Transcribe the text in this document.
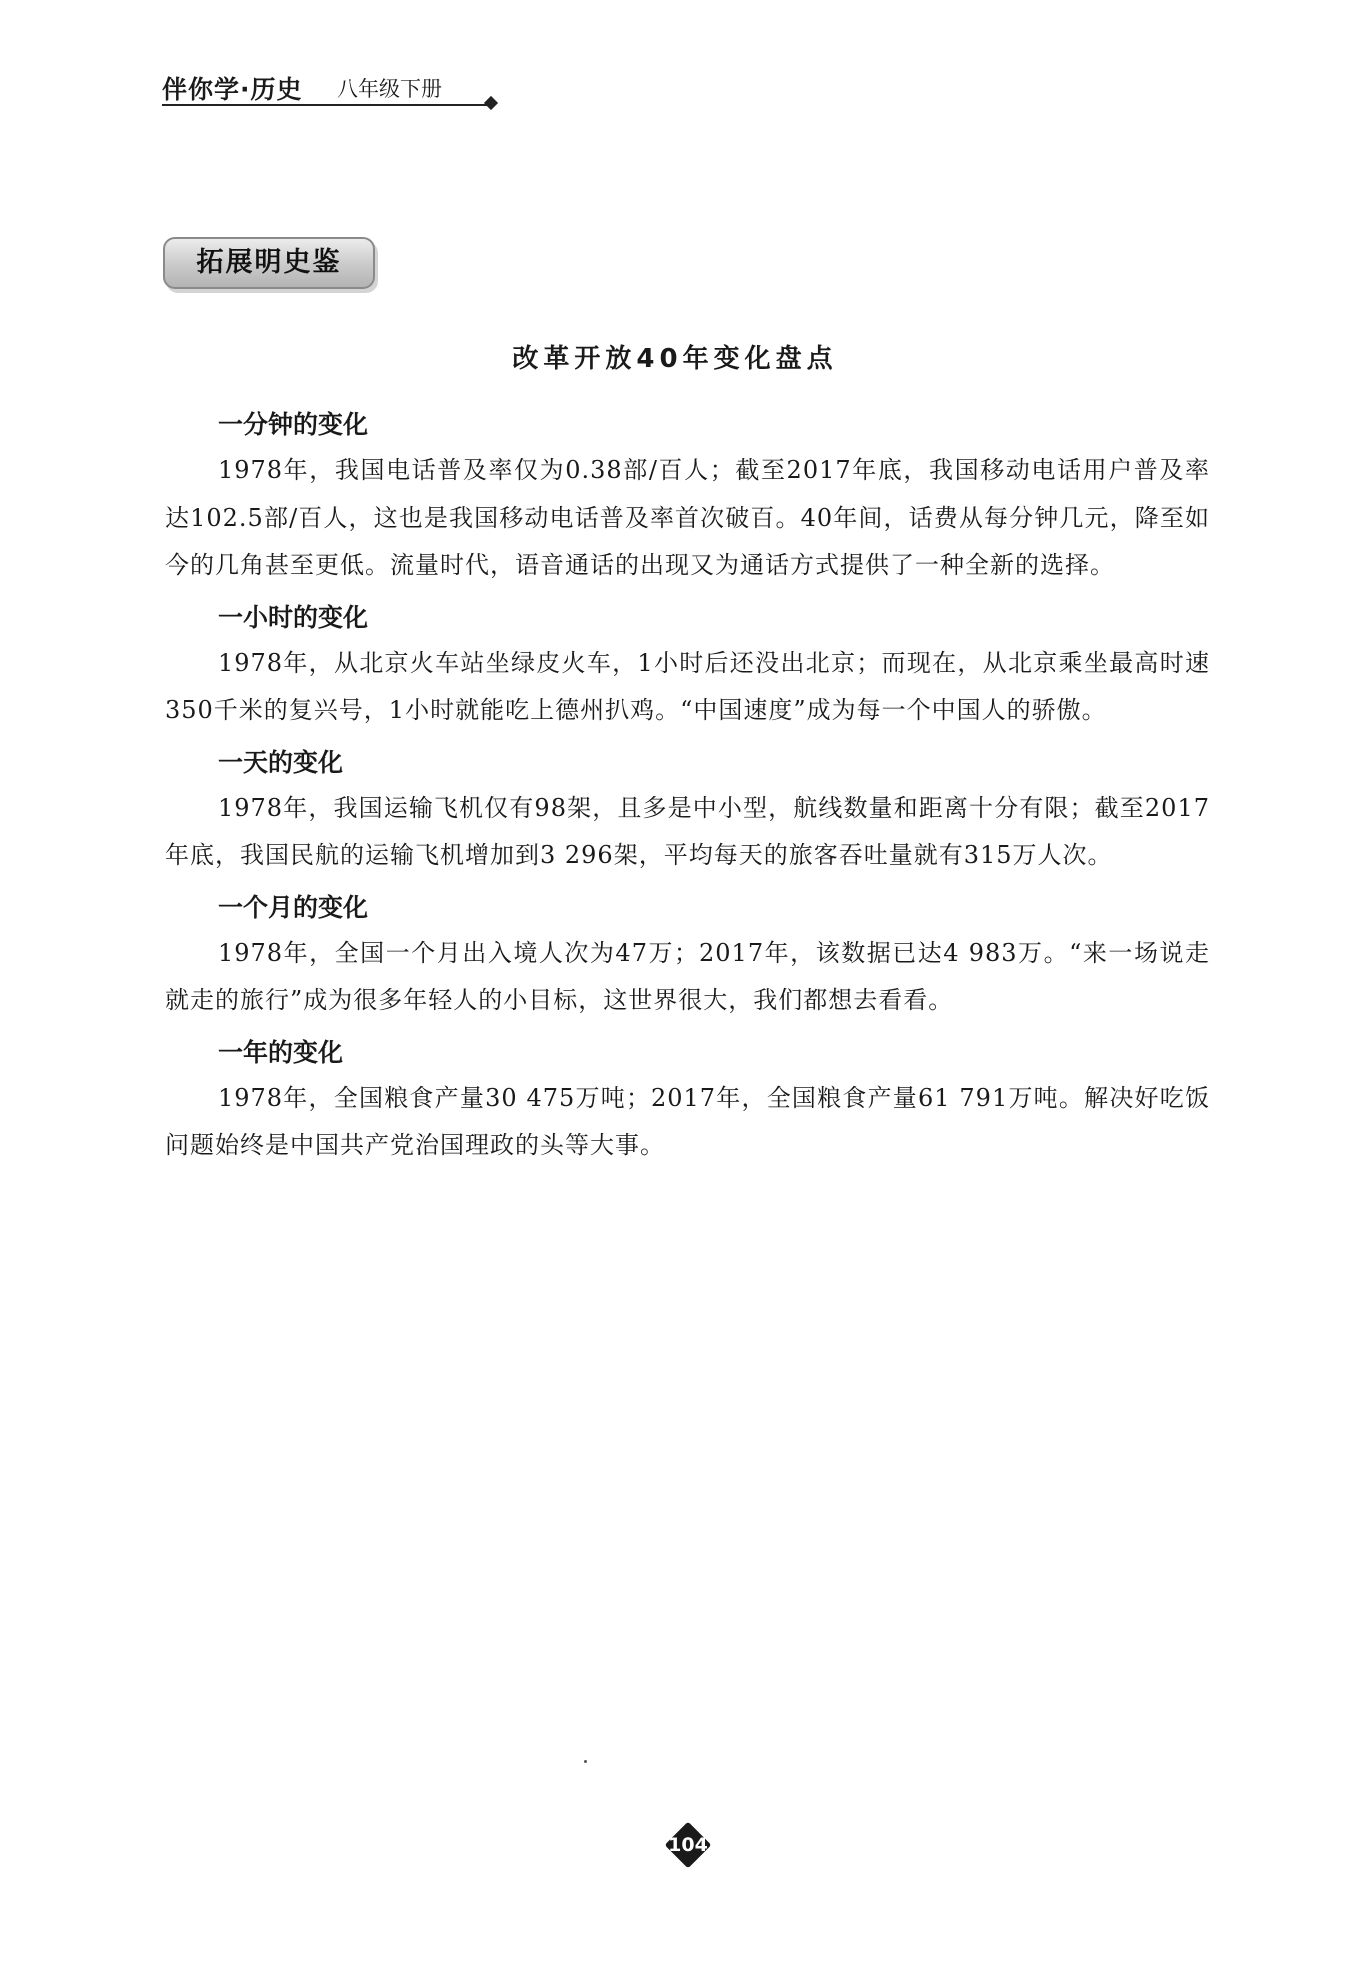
伴你学·历史 八年级下册
拓展明史鉴
改革开放40年变化盘点
一分钟的变化

1978年，我国电话普及率仅为0.38部/百人；截至2017年底，我国移动电话用户普及率达102.5部/百人，这也是我国移动电话普及率首次破百。40年间，话费从每分钟几元，降至如今的几角甚至更低。流量时代，语音通话的出现又为通话方式提供了一种全新的选择。

一小时的变化

1978年，从北京火车站坐绿皮火车，1小时后还没出北京；而现在，从北京乘坐最高时速350千米的复兴号，1小时就能吃上德州扒鸡。“中国速度”成为每一个中国人的骄傲。

一天的变化

1978年，我国运输飞机仅有98架，且多是中小型，航线数量和距离十分有限；截至2017年底，我国民航的运输飞机增加到3 296架，平均每天的旅客吞吐量就有315万人次。

一个月的变化

1978年，全国一个月出入境人次为47万；2017年，该数据已达4 983万。“来一场说走就走的旅行”成为很多年轻人的小目标，这世界很大，我们都想去看看。

一年的变化

1978年，全国粮食产量30 475万吨；2017年，全国粮食产量61 791万吨。解决好吃饭问题始终是中国共产党治国理政的头等大事。

104
